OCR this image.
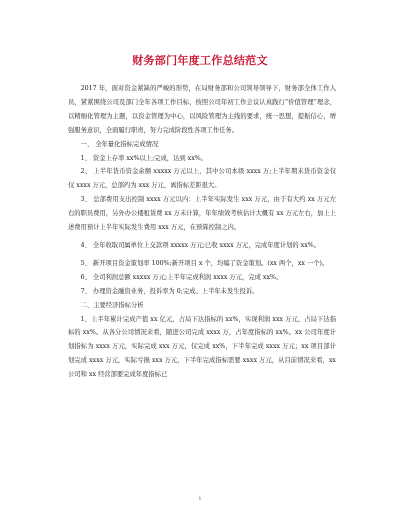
财务部门年度工作总结范文

2017 年，面对资金紧缺的严峻的形势，在局财务部和公司领导领导下，财务部全体工作人员，紧紧围绕公司及部门全年各项工作目标，按照公司年初工作会议认真践行“价值管理”理念，以精细化管理为主题，以资金管理为中心，以风险管理为主线的要求，统一思想，提振信心，增强服务意识，全面履行职责，努力完成阶段性各项工作任务。

一、 全年量化指标完成情况

1、 资金上存率 xx%以上;完成，达到 xx%。

2、 上半年货币资金余额 xxxxx 万元以上，其中公司本级 xxxx 万;上半年期末货币资金仅仅 xxxx 万元，总部约为 xxx 万元，离指标差距很大。

3、 总部费用支出控制 xxxx 万元以内：上半年实际发生 xxx 万元，由于有大约 xx 万元左右的职员费用，另外办公楼租赁费 xx 万未计算，年年绩效考核估计大概有 xx 万元左右，加上上述费用预计上半年实际发生费用 xxx 万元，在预算控制之内。

4、 全年收取司属单位上交款项 xxxxx 万元;已收 xxxx 万元，完成年度计划的 xx%。

5、 新开项目资金策划率 100%;新开项目 x 个，均编了资金策划。(xx 两个，xx 一个)。

6、 全司利润总额 xxxxx 万元;上半年完成利润 xxxx 万元，完成 xx%。

7、 办理资金融资业务，投诉率为 0;完成。上半年未发生投诉。

二、主要经济指标分析

1、上半年累计完成产值 xx 亿元，占局下达指标的 xx%，实现利润 xxx 万元，占局下达指标的 xx%。从各分公司情况来看，随进公司完成 xxxx 万，占年度指标的 xx%。xx 公司年度计划指标为 xxxx 万元，实际完成 xxx 万元，仅完成 xx%，下半年完成 xxxx 万元；xx 项目部计划完成 xxxx 万元，实际亏损 xxx 万元，下半年完成指标需要 xxxx 万元，从目前情况来看，xx 公司和 xx 经营部要完成年度指标已

1
